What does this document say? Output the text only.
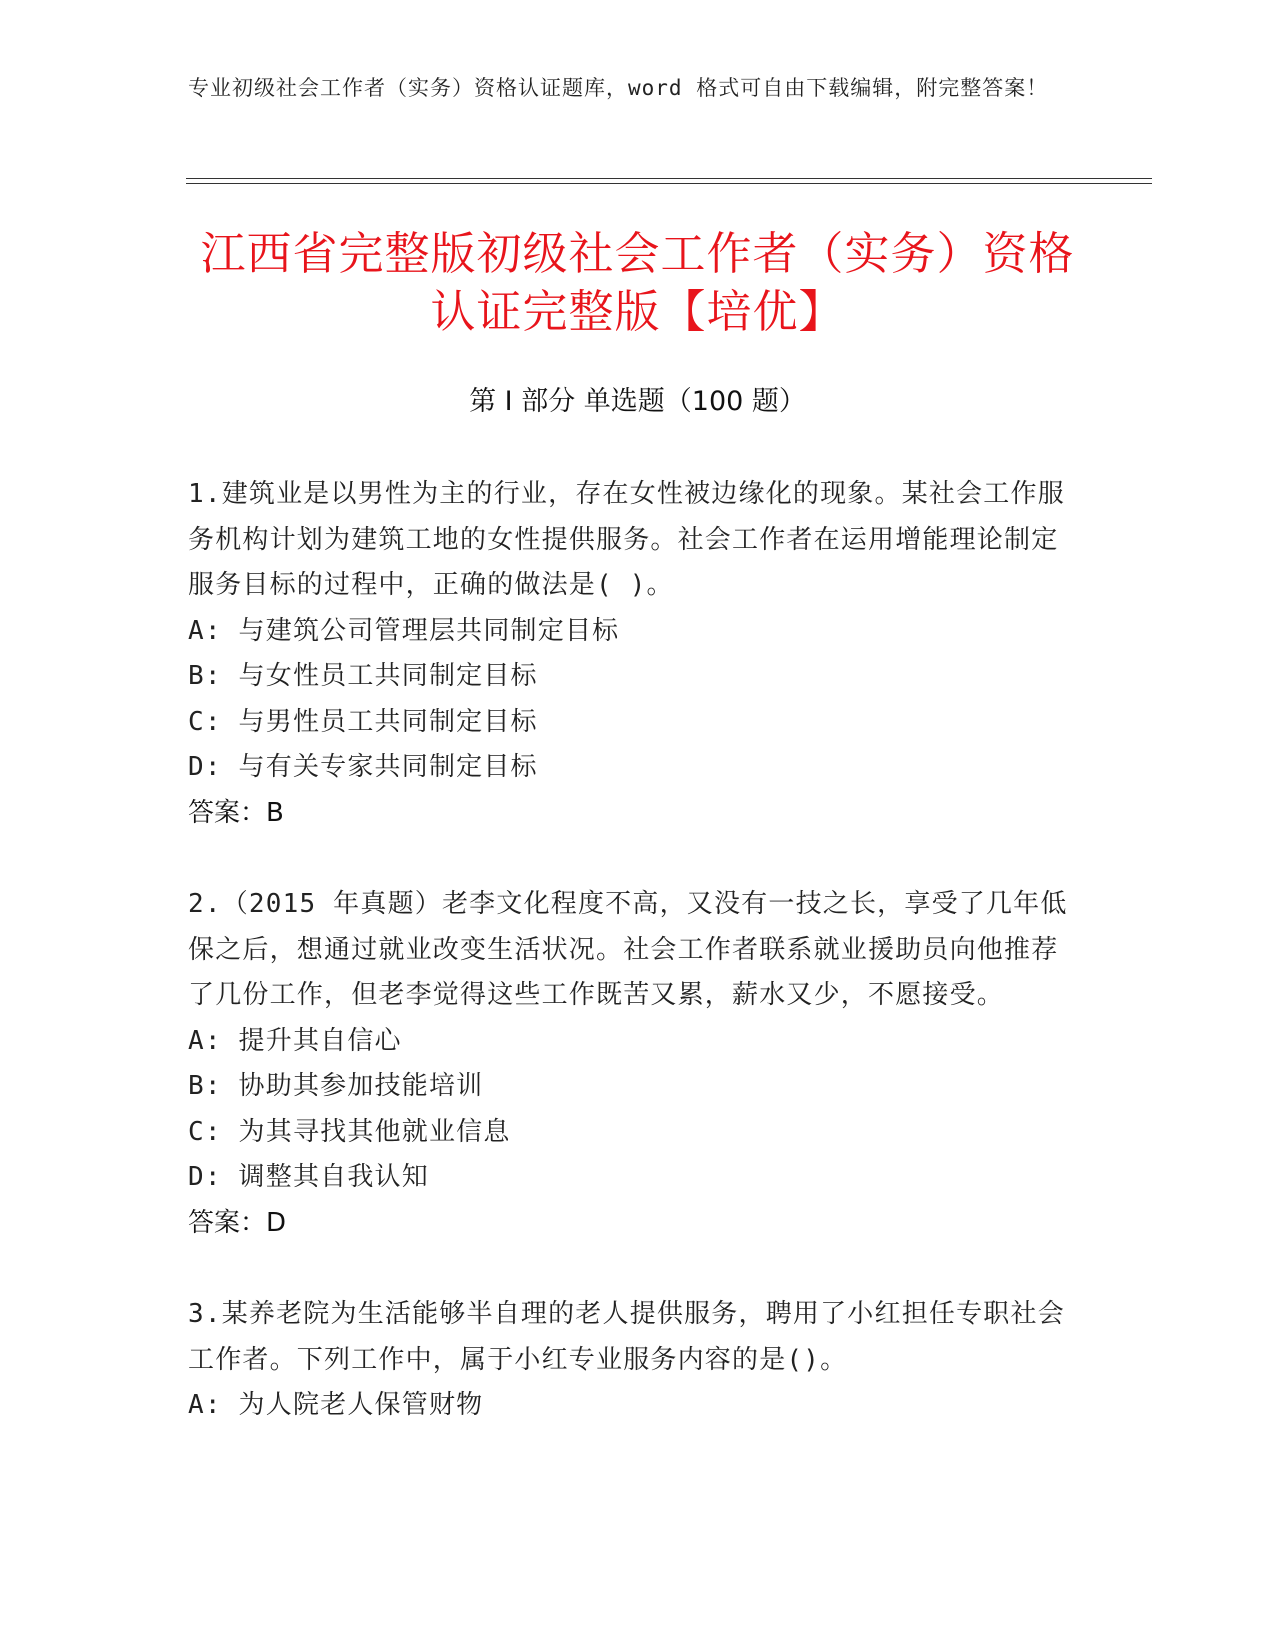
专业初级社会工作者（实务）资格认证题库，word 格式可自由下载编辑，附完整答案！
江西省完整版初级社会工作者（实务）资格
认证完整版【培优】
第 I 部分 单选题（100 题）
1.建筑业是以男性为主的行业，存在女性被边缘化的现象。某社会工作服务机构计划为建筑工地的女性提供服务。社会工作者在运用增能理论制定服务目标的过程中，正确的做法是( )。
A: 与建筑公司管理层共同制定目标
B: 与女性员工共同制定目标
C: 与男性员工共同制定目标
D: 与有关专家共同制定目标
答案：B
2.（2015 年真题）老李文化程度不高，又没有一技之长，享受了几年低保之后，想通过就业改变生活状况。社会工作者联系就业援助员向他推荐了几份工作，但老李觉得这些工作既苦又累，薪水又少，不愿接受。
A: 提升其自信心
B: 协助其参加技能培训
C: 为其寻找其他就业信息
D: 调整其自我认知
答案：D
3.某养老院为生活能够半自理的老人提供服务，聘用了小红担任专职社会工作者。下列工作中，属于小红专业服务内容的是()。
A: 为人院老人保管财物
